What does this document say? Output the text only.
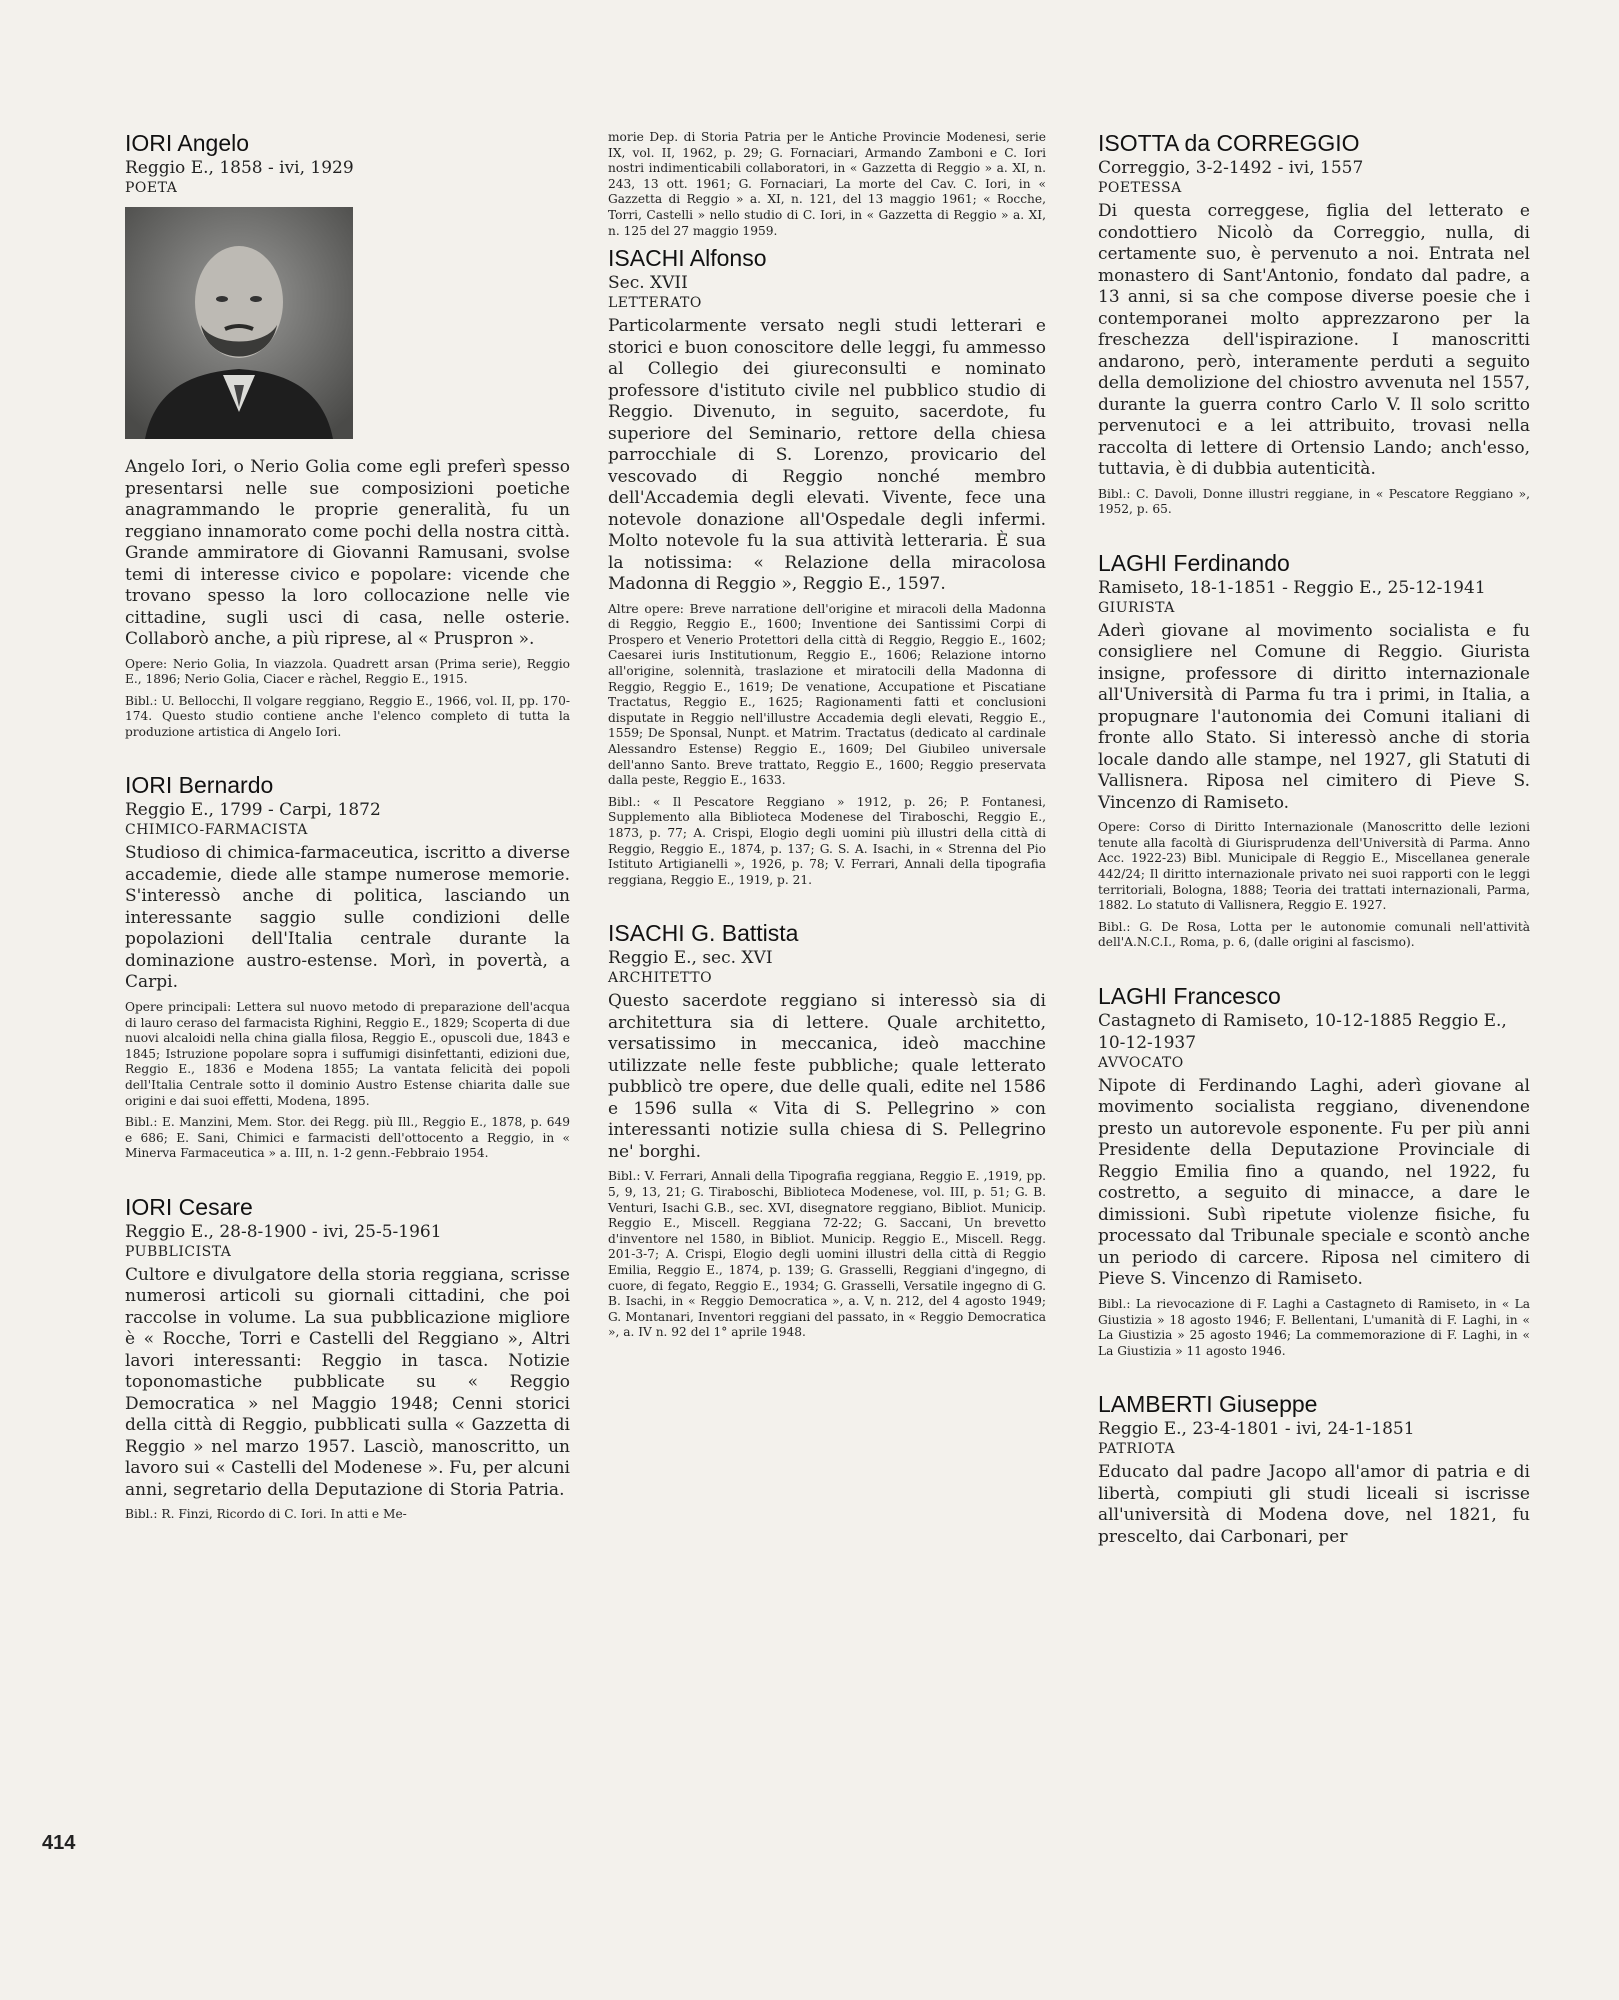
IORI Angelo
Reggio E., 1858 - ivi, 1929
POETA

Angelo Iori, o Nerio Golia come egli preferì spesso presentarsi nelle sue composizioni poetiche anagrammando le proprie generalità, fu un reggiano innamorato come pochi della nostra città. Grande ammiratore di Giovanni Ramusani, svolse temi di interesse civico e popolare: vicende che trovano spesso la loro collocazione nelle vie cittadine, sugli usci di casa, nelle osterie. Collaborò anche, a più riprese, al « Pruspron ».

Opere: Nerio Golia, In viazzola. Quadrett arsan (Prima serie), Reggio E., 1896; Nerio Golia, Ciacer e ràchel, Reggio E., 1915.

Bibl.: U. Bellocchi, Il volgare reggiano, Reggio E., 1966, vol. II, pp. 170-174. Questo studio contiene anche l'elenco completo di tutta la produzione artistica di Angelo Iori.

IORI Bernardo
Reggio E., 1799 - Carpi, 1872
CHIMICO-FARMACISTA

Studioso di chimica-farmaceutica, iscritto a diverse accademie, diede alle stampe numerose memorie. S'interessò anche di politica, lasciando un interessante saggio sulle condizioni delle popolazioni dell'Italia centrale durante la dominazione austro-estense. Morì, in povertà, a Carpi.

Opere principali: Lettera sul nuovo metodo di preparazione dell'acqua di lauro ceraso del farmacista Righini, Reggio E., 1829; Scoperta di due nuovi alcaloidi nella china gialla filosa, Reggio E., opuscoli due, 1843 e 1845; Istruzione popolare sopra i suffumigi disinfettanti, edizioni due, Reggio E., 1836 e Modena 1855; La vantata felicità dei popoli dell'Italia Centrale sotto il dominio Austro Estense chiarita dalle sue origini e dai suoi effetti, Modena, 1895.

Bibl.: E. Manzini, Mem. Stor. dei Regg. più Ill., Reggio E., 1878, p. 649 e 686; E. Sani, Chimici e farmacisti dell'ottocento a Reggio, in « Minerva Farmaceutica » a. III, n. 1-2 genn.-Febbraio 1954.

IORI Cesare
Reggio E., 28-8-1900 - ivi, 25-5-1961
PUBBLICISTA

Cultore e divulgatore della storia reggiana, scrisse numerosi articoli su giornali cittadini, che poi raccolse in volume. La sua pubblicazione migliore è « Rocche, Torri e Castelli del Reggiano », Altri lavori interessanti: Reggio in tasca. Notizie toponomastiche pubblicate su « Reggio Democratica » nel Maggio 1948; Cenni storici della città di Reggio, pubblicati sulla « Gazzetta di Reggio » nel marzo 1957. Lasciò, manoscritto, un lavoro sui « Castelli del Modenese ». Fu, per alcuni anni, segretario della Deputazione di Storia Patria.

Bibl.: R. Finzi, Ricordo di C. Iori. In atti e Me-

morie Dep. di Storia Patria per le Antiche Provincie Modenesi, serie IX, vol. II, 1962, p. 29; G. Fornaciari, Armando Zamboni e C. Iori nostri indimenticabili collaboratori, in « Gazzetta di Reggio » a. XI, n. 243, 13 ott. 1961; G. Fornaciari, La morte del Cav. C. Iori, in « Gazzetta di Reggio » a. XI, n. 121, del 13 maggio 1961; « Rocche, Torri, Castelli » nello studio di C. Iori, in « Gazzetta di Reggio » a. XI, n. 125 del 27 maggio 1959.

ISACHI Alfonso
Sec. XVII
LETTERATO

Particolarmente versato negli studi letterari e storici e buon conoscitore delle leggi, fu ammesso al Collegio dei giureconsulti e nominato professore d'istituto civile nel pubblico studio di Reggio. Divenuto, in seguito, sacerdote, fu superiore del Seminario, rettore della chiesa parrocchiale di S. Lorenzo, provicario del vescovado di Reggio nonché membro dell'Accademia degli elevati. Vivente, fece una notevole donazione all'Ospedale degli infermi. Molto notevole fu la sua attività letteraria. È sua la notissima: « Relazione della miracolosa Madonna di Reggio », Reggio E., 1597.

Altre opere: Breve narratione dell'origine et miracoli della Madonna di Reggio, Reggio E., 1600; Inventione dei Santissimi Corpi di Prospero et Venerio Protettori della città di Reggio, Reggio E., 1602; Caesarei iuris Institutionum, Reggio E., 1606; Relazione intorno all'origine, solennità, traslazione et miratocili della Madonna di Reggio, Reggio E., 1619; De venatione, Accupatione et Piscatiane Tractatus, Reggio E., 1625; Ragionamenti fatti et conclusioni disputate in Reggio nell'illustre Accademia degli elevati, Reggio E., 1559; De Sponsal, Nunpt. et Matrim. Tractatus (dedicato al cardinale Alessandro Estense) Reggio E., 1609; Del Giubileo universale dell'anno Santo. Breve trattato, Reggio E., 1600; Reggio preservata dalla peste, Reggio E., 1633.

Bibl.: « Il Pescatore Reggiano » 1912, p. 26; P. Fontanesi, Supplemento alla Biblioteca Modenese del Tiraboschi, Reggio E., 1873, p. 77; A. Crispi, Elogio degli uomini più illustri della città di Reggio, Reggio E., 1874, p. 137; G. S. A. Isachi, in « Strenna del Pio Istituto Artigianelli », 1926, p. 78; V. Ferrari, Annali della tipografia reggiana, Reggio E., 1919, p. 21.

ISACHI G. Battista
Reggio E., sec. XVI
ARCHITETTO

Questo sacerdote reggiano si interessò sia di architettura sia di lettere. Quale architetto, versatissimo in meccanica, ideò macchine utilizzate nelle feste pubbliche; quale letterato pubblicò tre opere, due delle quali, edite nel 1586 e 1596 sulla « Vita di S. Pellegrino » con interessanti notizie sulla chiesa di S. Pellegrino ne' borghi.

Bibl.: V. Ferrari, Annali della Tipografia reggiana, Reggio E. ,1919, pp. 5, 9, 13, 21; G. Tiraboschi, Biblioteca Modenese, vol. III, p. 51; G. B. Venturi, Isachi G.B., sec. XVI, disegnatore reggiano, Bibliot. Municip. Reggio E., Miscell. Reggiana 72-22; G. Saccani, Un brevetto d'inventore nel 1580, in Bibliot. Municip. Reggio E., Miscell. Regg. 201-3-7; A. Crispi, Elogio degli uomini illustri della città di Reggio Emilia, Reggio E., 1874, p. 139; G. Grasselli, Reggiani d'ingegno, di cuore, di fegato, Reggio E., 1934; G. Grasselli, Versatile ingegno di G. B. Isachi, in « Reggio Democratica », a. V, n. 212, del 4 agosto 1949; G. Montanari, Inventori reggiani del passato, in « Reggio Democratica », a. IV n. 92 del 1° aprile 1948.

ISOTTA da CORREGGIO
Correggio, 3-2-1492 - ivi, 1557
POETESSA

Di questa correggese, figlia del letterato e condottiero Nicolò da Correggio, nulla, di certamente suo, è pervenuto a noi. Entrata nel monastero di Sant'Antonio, fondato dal padre, a 13 anni, si sa che compose diverse poesie che i contemporanei molto apprezzarono per la freschezza dell'ispirazione. I manoscritti andarono, però, interamente perduti a seguito della demolizione del chiostro avvenuta nel 1557, durante la guerra contro Carlo V. Il solo scritto pervenutoci e a lei attribuito, trovasi nella raccolta di lettere di Ortensio Lando; anch'esso, tuttavia, è di dubbia autenticità.

Bibl.: C. Davoli, Donne illustri reggiane, in « Pescatore Reggiano », 1952, p. 65.

LAGHI Ferdinando
Ramiseto, 18-1-1851 - Reggio E., 25-12-1941
GIURISTA

Aderì giovane al movimento socialista e fu consigliere nel Comune di Reggio. Giurista insigne, professore di diritto internazionale all'Università di Parma fu tra i primi, in Italia, a propugnare l'autonomia dei Comuni italiani di fronte allo Stato. Si interessò anche di storia locale dando alle stampe, nel 1927, gli Statuti di Vallisnera. Riposa nel cimitero di Pieve S. Vincenzo di Ramiseto.

Opere: Corso di Diritto Internazionale (Manoscritto delle lezioni tenute alla facoltà di Giurisprudenza dell'Università di Parma. Anno Acc. 1922-23) Bibl. Municipale di Reggio E., Miscellanea generale 442/24; Il diritto internazionale privato nei suoi rapporti con le leggi territoriali, Bologna, 1888; Teoria dei trattati internazionali, Parma, 1882. Lo statuto di Vallisnera, Reggio E. 1927.

Bibl.: G. De Rosa, Lotta per le autonomie comunali nell'attività dell'A.N.C.I., Roma, p. 6, (dalle origini al fascismo).

LAGHI Francesco
Castagneto di Ramiseto, 10-12-1885 Reggio E., 10-12-1937
AVVOCATO

Nipote di Ferdinando Laghi, aderì giovane al movimento socialista reggiano, divenendone presto un autorevole esponente. Fu per più anni Presidente della Deputazione Provinciale di Reggio Emilia fino a quando, nel 1922, fu costretto, a seguito di minacce, a dare le dimissioni. Subì ripetute violenze fisiche, fu processato dal Tribunale speciale e scontò anche un periodo di carcere. Riposa nel cimitero di Pieve S. Vincenzo di Ramiseto.

Bibl.: La rievocazione di F. Laghi a Castagneto di Ramiseto, in « La Giustizia » 18 agosto 1946; F. Bellentani, L'umanità di F. Laghi, in « La Giustizia » 25 agosto 1946; La commemorazione di F. Laghi, in « La Giustizia » 11 agosto 1946.

LAMBERTI Giuseppe
Reggio E., 23-4-1801 - ivi, 24-1-1851
PATRIOTA

Educato dal padre Jacopo all'amor di patria e di libertà, compiuti gli studi liceali si iscrisse all'università di Modena dove, nel 1821, fu prescelto, dai Carbonari, per

414
